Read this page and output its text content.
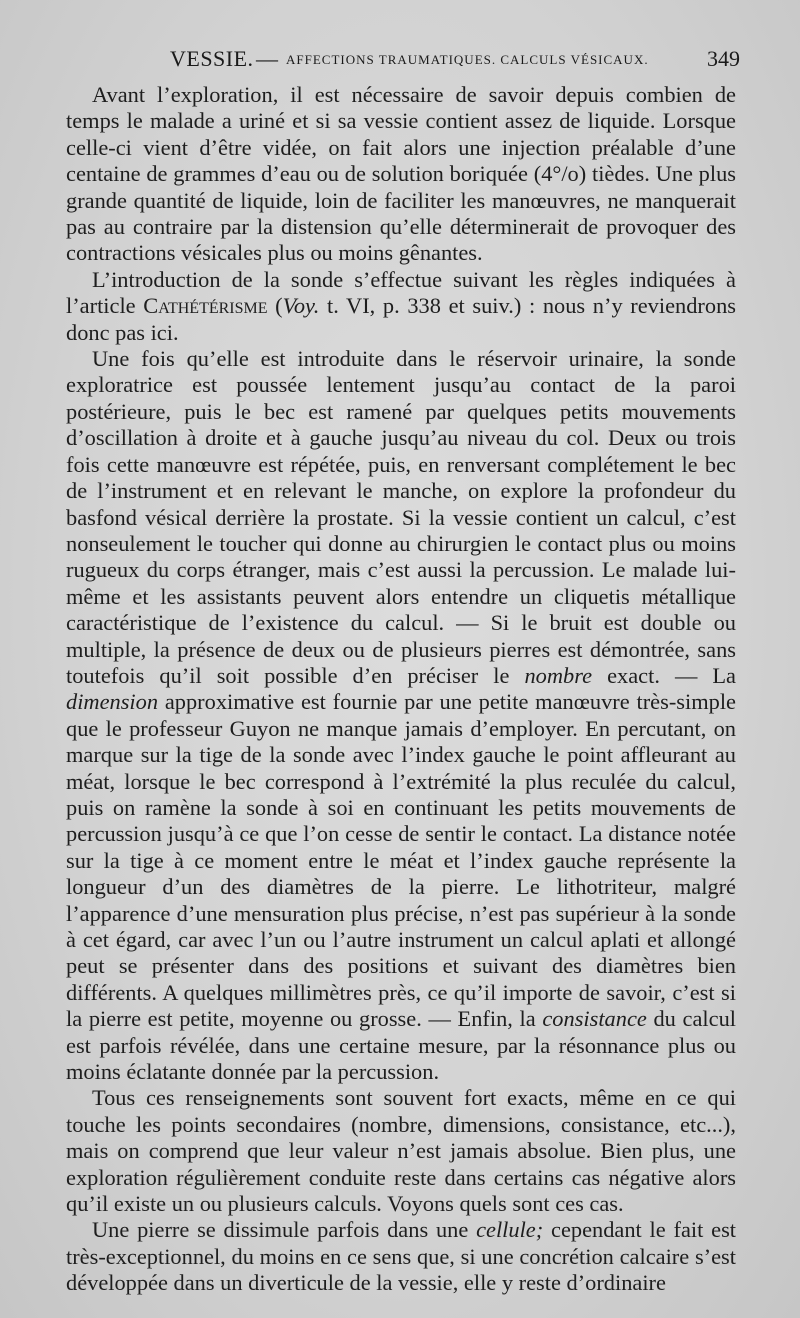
VESSIE. — AFFECTIONS TRAUMATIQUES. CALCULS VÉSICAUX.	349

Avant l’exploration, il est nécessaire de savoir depuis combien de temps le malade a uriné et si sa vessie contient assez de liquide. Lorsque celle-ci vient d’être vidée, on fait alors une injection préalable d’une centaine de grammes d’eau ou de solution boriquée (4°/o) tièdes. Une plus grande quantité de liquide, loin de faciliter les manœuvres, ne manquerait pas au contraire par la distension qu’elle déterminerait de provoquer des contractions vésicales plus ou moins gênantes.

L’introduction de la sonde s’effectue suivant les règles indiquées à l’article Cathétérisme (Voy. t. VI, p. 338 et suiv.) : nous n’y reviendrons donc pas ici.

Une fois qu’elle est introduite dans le réservoir urinaire, la sonde exploratrice est poussée lentement jusqu’au contact de la paroi postérieure, puis le bec est ramené par quelques petits mouvements d’oscillation à droite et à gauche jusqu’au niveau du col. Deux ou trois fois cette manœuvre est répétée, puis, en renversant complétement le bec de l’instrument et en relevant le manche, on explore la profondeur du basfond vésical derrière la prostate. Si la vessie contient un calcul, c’est nonseulement le toucher qui donne au chirurgien le contact plus ou moins rugueux du corps étranger, mais c’est aussi la percussion. Le malade lui-même et les assistants peuvent alors entendre un cliquetis métallique caractéristique de l’existence du calcul. — Si le bruit est double ou multiple, la présence de deux ou de plusieurs pierres est démontrée, sans toutefois qu’il soit possible d’en préciser le nombre exact. — La dimension approximative est fournie par une petite manœuvre très-simple que le professeur Guyon ne manque jamais d’employer. En percutant, on marque sur la tige de la sonde avec l’index gauche le point affleurant au méat, lorsque le bec correspond à l’extrémité la plus reculée du calcul, puis on ramène la sonde à soi en continuant les petits mouvements de percussion jusqu’à ce que l’on cesse de sentir le contact. La distance notée sur la tige à ce moment entre le méat et l’index gauche représente la longueur d’un des diamètres de la pierre. Le lithotriteur, malgré l’apparence d’une mensuration plus précise, n’est pas supérieur à la sonde à cet égard, car avec l’un ou l’autre instrument un calcul aplati et allongé peut se présenter dans des positions et suivant des diamètres bien différents. A quelques millimètres près, ce qu’il importe de savoir, c’est si la pierre est petite, moyenne ou grosse. — Enfin, la consistance du calcul est parfois révélée, dans une certaine mesure, par la résonnance plus ou moins éclatante donnée par la percussion.

Tous ces renseignements sont souvent fort exacts, même en ce qui touche les points secondaires (nombre, dimensions, consistance, etc...), mais on comprend que leur valeur n’est jamais absolue. Bien plus, une exploration régulièrement conduite reste dans certains cas négative alors qu’il existe un ou plusieurs calculs. Voyons quels sont ces cas.

Une pierre se dissimule parfois dans une cellule; cependant le fait est très-exceptionnel, du moins en ce sens que, si une concrétion calcaire s’est développée dans un diverticule de la vessie, elle y reste d’ordinaire
